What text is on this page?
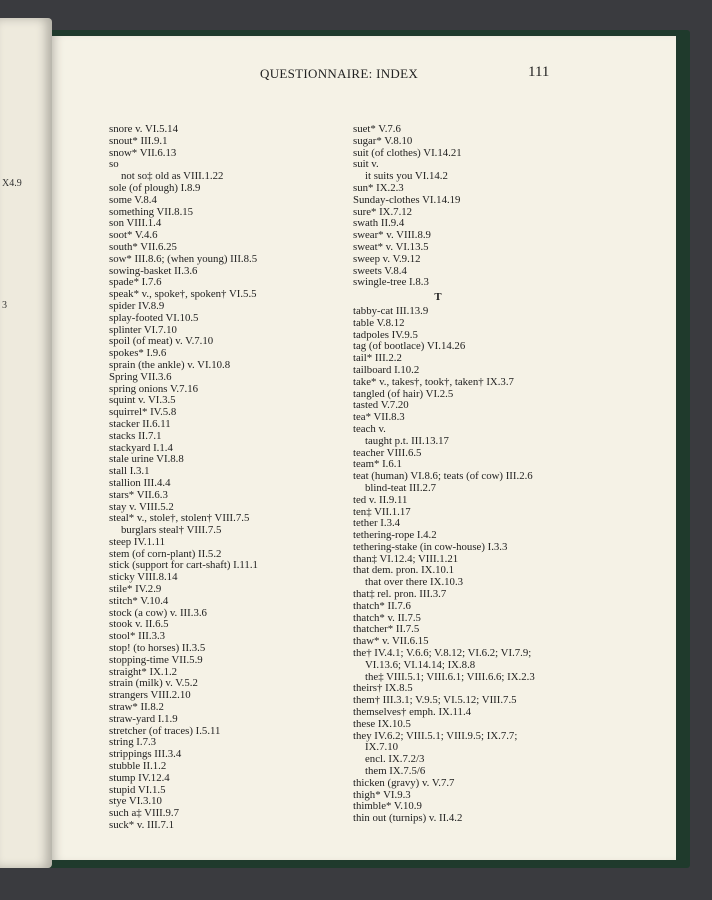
X4.9
3
QUESTIONNAIRE: INDEX	111
snore v. VI.5.14
snout* III.9.1
snow* VII.6.13
so
not so‡ old as VIII.1.22
sole (of plough) I.8.9
some V.8.4
something VII.8.15
son VIII.1.4
soot* V.4.6
south* VII.6.25
sow* III.8.6; (when young) III.8.5
sowing-basket II.3.6
spade* I.7.6
speak* v., spoke†, spoken† VI.5.5
spider IV.8.9
splay-footed VI.10.5
splinter VI.7.10
spoil (of meat) v. V.7.10
spokes* I.9.6
sprain (the ankle) v. VI.10.8
Spring VII.3.6
spring onions V.7.16
squint v. VI.3.5
squirrel* IV.5.8
stacker II.6.11
stacks II.7.1
stackyard I.1.4
stale urine VI.8.8
stall I.3.1
stallion III.4.4
stars* VII.6.3
stay v. VIII.5.2
steal* v., stole†, stolen† VIII.7.5
burglars steal† VIII.7.5
steep IV.1.11
stem (of corn-plant) II.5.2
stick (support for cart-shaft) I.11.1
sticky VIII.8.14
stile* IV.2.9
stitch* V.10.4
stock (a cow) v. III.3.6
stook v. II.6.5
stool* III.3.3
stop! (to horses) II.3.5
stopping-time VII.5.9
straight* IX.1.2
strain (milk) v. V.5.2
strangers VIII.2.10
straw* II.8.2
straw-yard I.1.9
stretcher (of traces) I.5.11
string I.7.3
strippings III.3.4
stubble II.1.2
stump IV.12.4
stupid VI.1.5
stye VI.3.10
such a‡ VIII.9.7
suck* v. III.7.1
suet* V.7.6
sugar* V.8.10
suit (of clothes) VI.14.21
suit v.
it suits you VI.14.2
sun* IX.2.3
Sunday-clothes VI.14.19
sure* IX.7.12
swath II.9.4
swear* v. VIII.8.9
sweat* v. VI.13.5
sweep v. V.9.12
sweets V.8.4
swingle-tree I.8.3
T
tabby-cat III.13.9
table V.8.12
tadpoles IV.9.5
tag (of bootlace) VI.14.26
tail* III.2.2
tailboard I.10.2
take* v., takes†, took†, taken† IX.3.7
tangled (of hair) VI.2.5
tasted V.7.20
tea* VII.8.3
teach v.
taught p.t. III.13.17
teacher VIII.6.5
team* I.6.1
teat (human) VI.8.6; teats (of cow) III.2.6
blind-teat III.2.7
ted v. II.9.11
ten‡ VII.1.17
tether I.3.4
tethering-rope I.4.2
tethering-stake (in cow-house) I.3.3
than‡ VI.12.4; VIII.1.21
that dem. pron. IX.10.1
that over there IX.10.3
that‡ rel. pron. III.3.7
thatch* II.7.6
thatch* v. II.7.5
thatcher* II.7.5
thaw* v. VII.6.15
the† IV.4.1; V.6.6; V.8.12; VI.6.2; VI.7.9;
VI.13.6; VI.14.14; IX.8.8
the‡ VIII.5.1; VIII.6.1; VIII.6.6; IX.2.3
theirs† IX.8.5
them† III.3.1; V.9.5; VI.5.12; VIII.7.5
themselves† emph. IX.11.4
these IX.10.5
they IV.6.2; VIII.5.1; VIII.9.5; IX.7.7;
IX.7.10
encl. IX.7.2/3
them IX.7.5/6
thicken (gravy) v. V.7.7
thigh* VI.9.3
thimble* V.10.9
thin out (turnips) v. II.4.2
